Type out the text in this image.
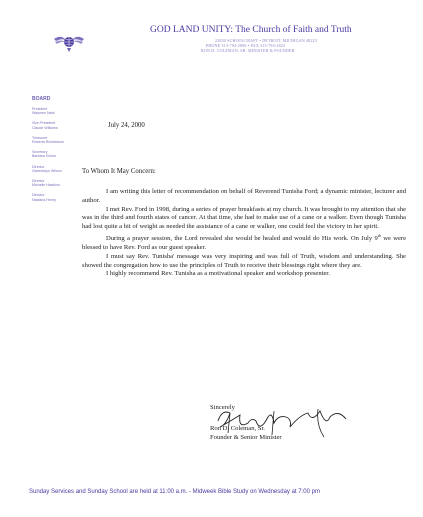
GOD LAND UNITY: The Church of Faith and Truth
22850 SCHOOLCRAFT • DETROIT, MICHIGAN 48223
PHONE 313-794-2800 • FAX 313-794-2822
RON D. COLEMAN, SR. MINISTER & FOUNDER
BOARD
President
Waymen Neal
Vice-President
Claude Williams
Treasurer
Roberta Richardson
Secretary
Barbara Glover
Director
Gwendolyn Wilson
Director
Michelle Hawkins
Director
Natasha Henry
July 24, 2000
To Whom It May Concern:

I am writing this letter of recommendation on behalf of Reverend Tunisha Ford; a dynamic minister, lecturer and author.

I met Rev. Ford in 1998, during a series of prayer breakfasts at my church. It was brought to my attention that she was in the third and fourth states of cancer. At that time, she had to make use of a cane or a walker. Even though Tunisha had lost quite a bit of weight as needed the assistance of a cane or walker, one could feel the victory in her spirit.

During a prayer session, the Lord revealed she would be healed and would do His work. On July 9th we were blessed to have Rev. Ford as our guest speaker.

I must say Rev. Tunisha' message was very inspiring and was full of Truth, wisdom and understanding. She showed the congregation how to use the principles of Truth to receive their blessings right where they are.

I highly recommend Rev. Tunisha as a motivational speaker and workshop presenter.

Sincerely
Ron D. Coleman, Sr.
Founder & Senior Minister
Sunday Services and Sunday School are held at 11:00 a.m. - Midweek Bible Study on Wednesday at 7:00 pm
